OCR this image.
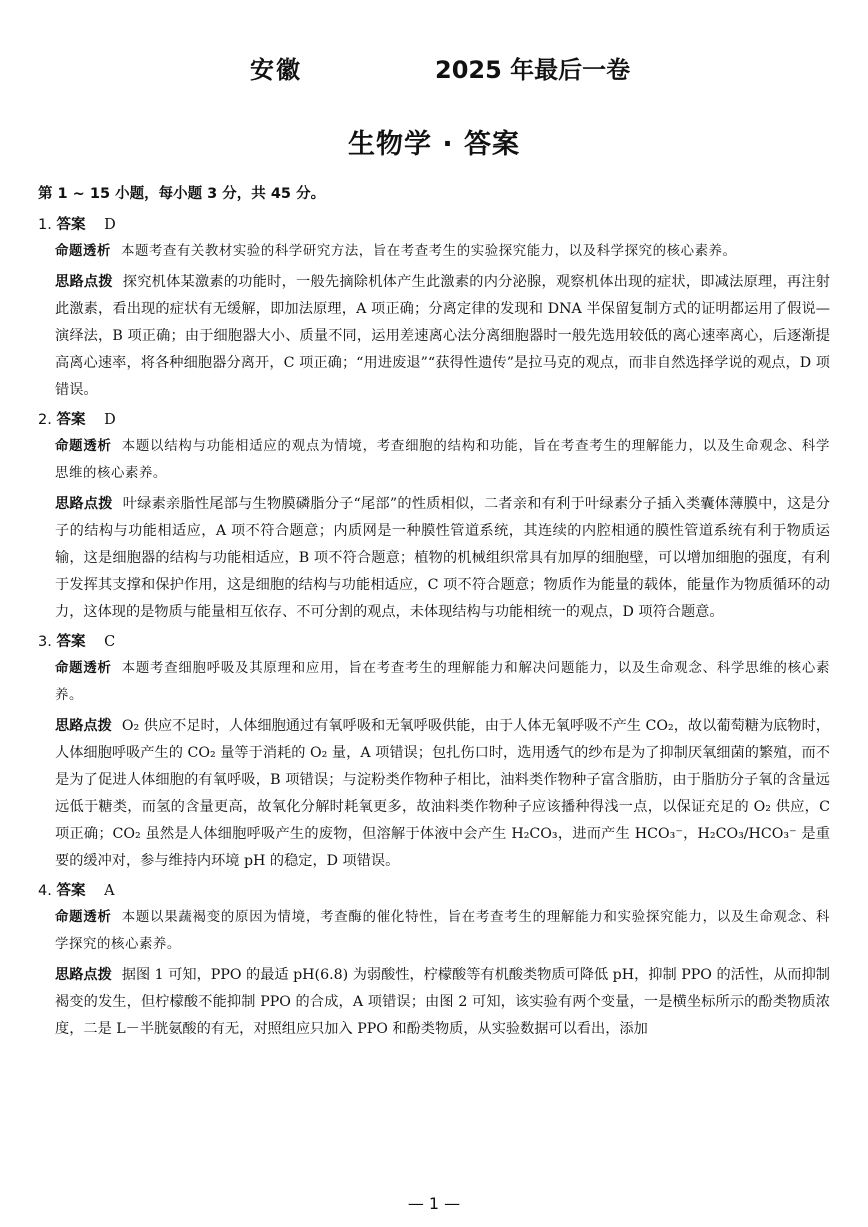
安徽	2025 年最后一卷
生物学 · 答案
第 1 ~ 15 小题，每小题 3 分，共 45 分。
1. 答案 D
命题透析 本题考查有关教材实验的科学研究方法，旨在考查考生的实验探究能力，以及科学探究的核心素养。
思路点拨 探究机体某激素的功能时，一般先摘除机体产生此激素的内分泌腺，观察机体出现的症状，即减法原理，再注射此激素，看出现的症状有无缓解，即加法原理，A 项正确；分离定律的发现和 DNA 半保留复制方式的证明都运用了假说—演绎法，B 项正确；由于细胞器大小、质量不同，运用差速离心法分离细胞器时一般先选用较低的离心速率离心，后逐渐提高离心速率，将各种细胞器分离开，C 项正确；“用进废退”“获得性遗传”是拉马克的观点，而非自然选择学说的观点，D 项错误。
2. 答案 D
命题透析 本题以结构与功能相适应的观点为情境，考查细胞的结构和功能，旨在考查考生的理解能力，以及生命观念、科学思维的核心素养。
思路点拨 叶绿素亲脂性尾部与生物膜磷脂分子“尾部”的性质相似，二者亲和有利于叶绿素分子插入类囊体薄膜中，这是分子的结构与功能相适应，A 项不符合题意；内质网是一种膜性管道系统，其连续的内腔相通的膜性管道系统有利于物质运输，这是细胞器的结构与功能相适应，B 项不符合题意；植物的机械组织常具有加厚的细胞壁，可以增加细胞的强度，有利于发挥其支撑和保护作用，这是细胞的结构与功能相适应，C 项不符合题意；物质作为能量的载体，能量作为物质循环的动力，这体现的是物质与能量相互依存、不可分割的观点，未体现结构与功能相统一的观点，D 项符合题意。
3. 答案 C
命题透析 本题考查细胞呼吸及其原理和应用，旨在考查考生的理解能力和解决问题能力，以及生命观念、科学思维的核心素养。
思路点拨 O₂ 供应不足时，人体细胞通过有氧呼吸和无氧呼吸供能，由于人体无氧呼吸不产生 CO₂，故以葡萄糖为底物时，人体细胞呼吸产生的 CO₂ 量等于消耗的 O₂ 量，A 项错误；包扎伤口时，选用透气的纱布是为了抑制厌氧细菌的繁殖，而不是为了促进人体细胞的有氧呼吸，B 项错误；与淀粉类作物种子相比，油料类作物种子富含脂肪，由于脂肪分子氧的含量远远低于糖类，而氢的含量更高，故氧化分解时耗氧更多，故油料类作物种子应该播种得浅一点，以保证充足的 O₂ 供应，C 项正确；CO₂ 虽然是人体细胞呼吸产生的废物，但溶解于体液中会产生 H₂CO₃，进而产生 HCO₃⁻，H₂CO₃/HCO₃⁻ 是重要的缓冲对，参与维持内环境 pH 的稳定，D 项错误。
4. 答案 A
命题透析 本题以果蔬褐变的原因为情境，考查酶的催化特性，旨在考查考生的理解能力和实验探究能力，以及生命观念、科学探究的核心素养。
思路点拨 据图 1 可知，PPO 的最适 pH(6.8) 为弱酸性，柠檬酸等有机酸类物质可降低 pH，抑制 PPO 的活性，从而抑制褐变的发生，但柠檬酸不能抑制 PPO 的合成，A 项错误；由图 2 可知，该实验有两个变量，一是横坐标所示的酚类物质浓度，二是 L－半胱氨酸的有无，对照组应只加入 PPO 和酚类物质，从实验数据可以看出，添加
— 1 —
